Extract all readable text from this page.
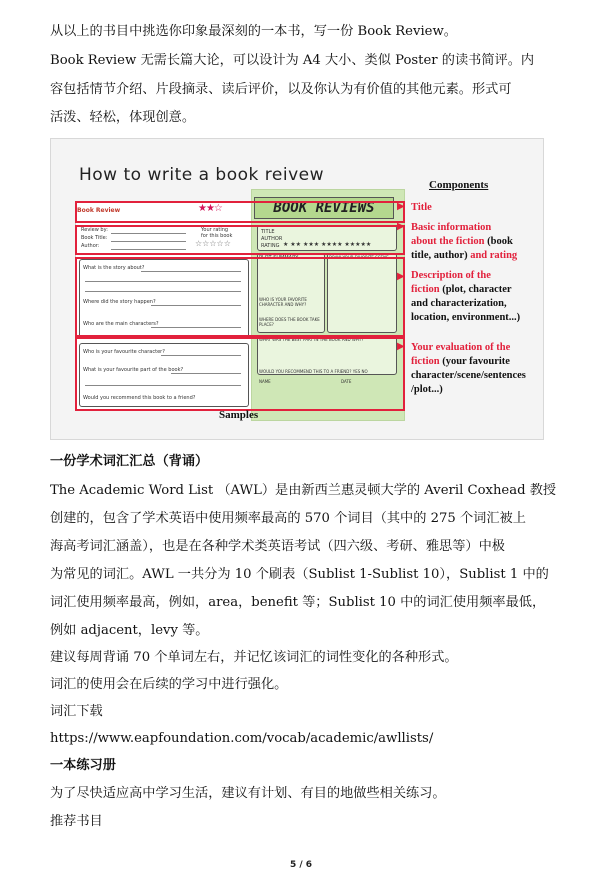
从以上的书目中挑选你印象最深刻的一本书，写一份 Book Review。
Book Review 无需长篇大论，可以设计为 A4 大小、类似 Poster 的读书简评。内
容包括情节介绍、片段摘录、读后评价，以及你认为有价值的其他元素。形式可
活泼、轻松，体现创意。
How to write a book reivew	Components
BOOK REVIEWS
Book Review	★★☆
Review by:
Book Title:
Author:
Your rating
for this book
☆☆☆☆☆
What is the story about?
Where did the story happen?
Who are the main characters?
Who is your favourite character?
What is your favourite part of the book?
Would you recommend this book to a friend?
TITLE
AUTHOR
RATING ★ ★★ ★★★ ★★★★ ★★★★★
PLOT SUMMARY	DRAW YOUR FAVORITE SCENE
WHO IS YOUR FAVORITE CHARACTER AND WHY?
WHERE DOES THE BOOK TAKE PLACE?
WHAT WAS THE BEST PART IN THE BOOK AND WHY?
WOULD YOU RECOMMEND THIS TO A FRIEND? YES NO
NAME	DATE
▶
▶
▶
▶
Title
Basic information
about the fiction (book
title, author) and rating
Description of the
fiction (plot, character
and characterization,
location, environment...)
Your evaluation of the
fiction (your favourite
character/scene/sentences
/plot...)
Samples
一份学术词汇汇总（背诵）
The Academic Word List （AWL）是由新西兰惠灵顿大学的 Averil Coxhead 教授
创建的，包含了学术英语中使用频率最高的 570 个词目（其中的 275 个词汇被上
海高考词汇涵盖），也是在各种学术类英语考试（四六级、考研、雅思等）中极
为常见的词汇。AWL 一共分为 10 个刷表（Sublist 1-Sublist 10），Sublist 1 中的
词汇使用频率最高，例如，area，benefit 等；Sublist 10 中的词汇使用频率最低，
例如 adjacent，levy 等。
建议每周背诵 70 个单词左右，并记忆该词汇的词性变化的各种形式。
词汇的使用会在后续的学习中进行强化。
词汇下载
https://www.eapfoundation.com/vocab/academic/awllists/
一本练习册
为了尽快适应高中学习生活，建议有计划、有目的地做些相关练习。
推荐书目
5 / 6
